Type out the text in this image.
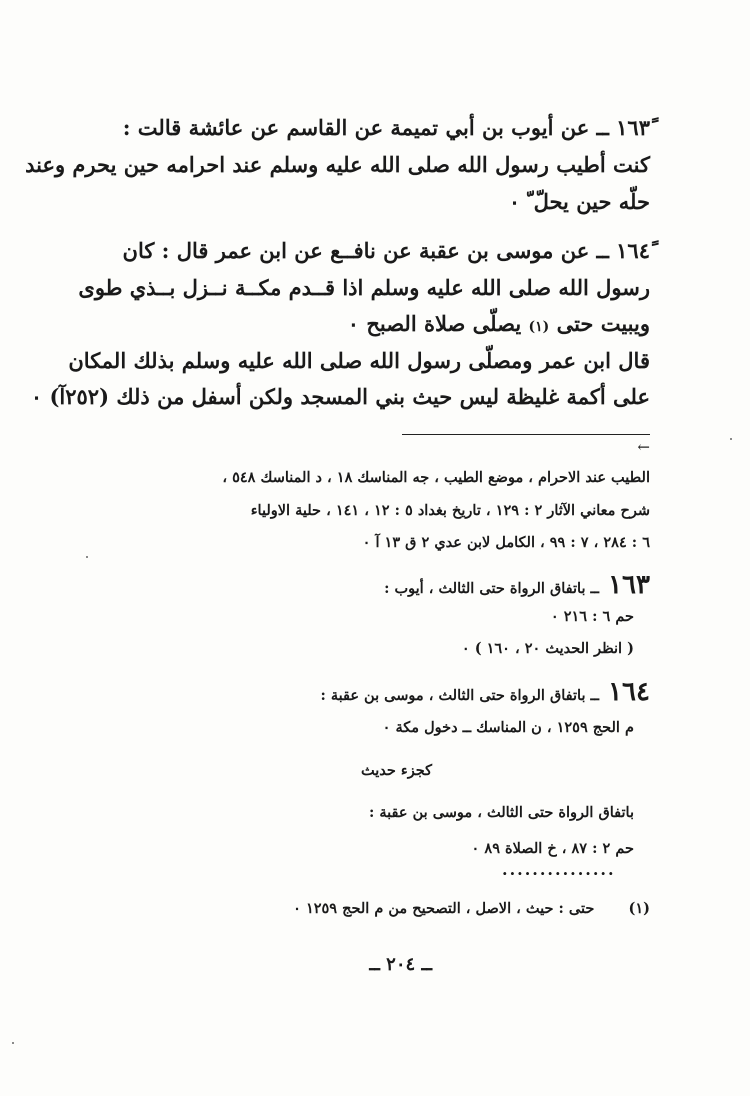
١٦٣ً ــ عن أيوب بن أبي تميمة عن القاسم عن عائشة قالت :

كنت أطيب رسول الله صلى الله عليه وسلم عند احرامه حين يحرم وعند

حلّه حين يحلّ ّ ٠

١٦٤ً ــ عن موسى بن عقبة عن نافــع عن ابن عمر قال : كان

رسول الله صلى الله عليه وسلم اذا قــدم مكــة نــزل بــذي طوى

ويبيت حتى (١) يصلّى صلاة الصبح ٠

قال ابن عمر ومصلّى رسول الله صلى الله عليه وسلم بذلك المكان

على أكمة غليظة ليس حيث بني المسجد ولكن أسفل من ذلك (٢٥٢آ) ٠

←

الطيب عند الاحرام ، موضع الطيب ، جه المناسك ١٨ ، د المناسك ٥٤٨ ،

شرح معاني الآثار ٢ : ١٢٩ ، تاريخ بغداد ٥ : ١٢ ، ١٤١ ، حلية الاولياء

٦ : ٢٨٤ ، ٧ : ٩٩ ، الكامل لابن عدي ٢ ق ١٣ آ ٠

١٦٣ ــ باتفاق الرواة حتى الثالث ، أيوب :

حم ٦ : ٢١٦ ٠

( انظر الحديث ٢٠ ، ١٦٠ ) ٠

١٦٤ ــ باتفاق الرواة حتى الثالث ، موسى بن عقبة :

م الحج ١٢٥٩ ، ن المناسك ــ دخول مكة ٠

كجزء حديث

باتفاق الرواة حتى الثالث ، موسى بن عقبة :

حم ٢ : ٨٧ ، خ الصلاة ٨٩ ٠

...............

(١)  حتى : حيث ، الاصل ، التصحيح من م الحج ١٢٥٩ ٠

ــ ٢٠٤ ــ
